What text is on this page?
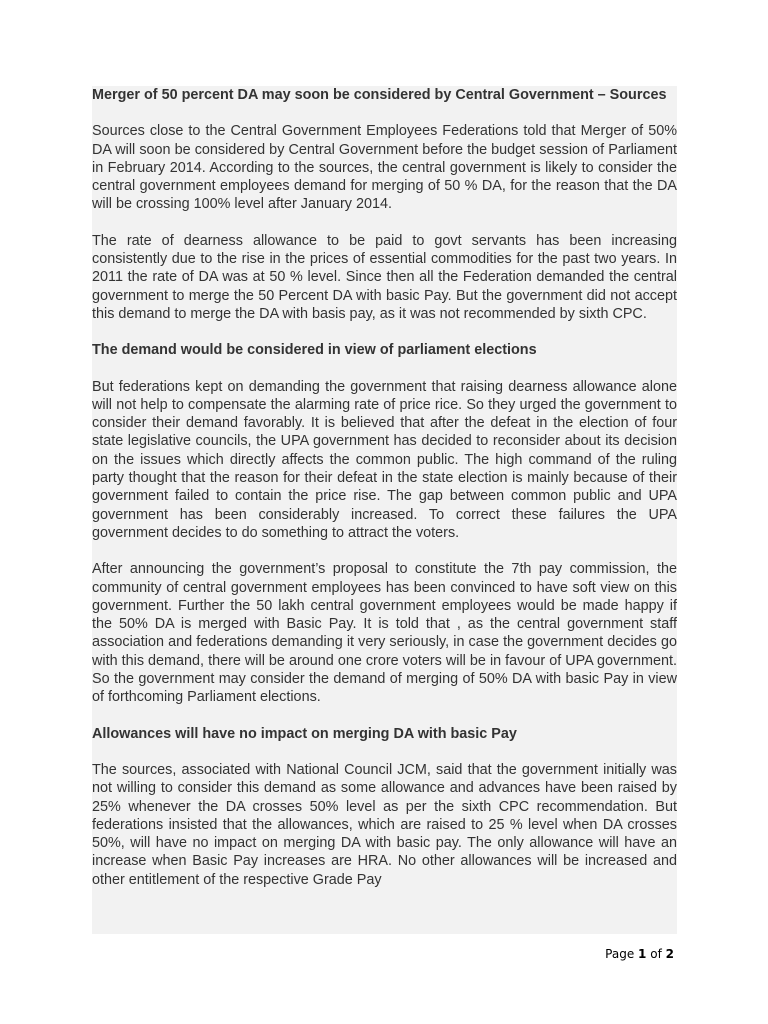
Merger of 50 percent DA may soon be considered by Central Government – Sources

Sources close to the Central Government Employees Federations told that Merger of 50% DA will soon be considered by Central Government before the budget session of Parliament in February 2014. According to the sources, the central government is likely to consider the central government employees demand for merging of 50 % DA, for the reason that the DA will be crossing 100% level after January 2014.

The rate of dearness allowance to be paid to govt servants has been increasing consistently due to the rise in the prices of essential commodities for the past two years. In 2011 the rate of DA was at 50 % level. Since then all the Federation demanded the central government to merge the 50 Percent DA with basic Pay. But the government did not accept this demand to merge the DA with basis pay, as it was not recommended by sixth CPC.

The demand would be considered in view of parliament elections

But federations kept on demanding the government that raising dearness allowance alone will not help to compensate the alarming rate of price rice. So they urged the government to consider their demand favorably. It is believed that after the defeat in the election of four state legislative councils, the UPA government has decided to reconsider about its decision on the issues which directly affects the common public. The high command of the ruling party thought that the reason for their defeat in the state election is mainly because of their government failed to contain the price rise. The gap between common public and UPA government has been considerably increased. To correct these failures the UPA government decides to do something to attract the voters.

After announcing the government’s proposal to constitute the 7th pay commission, the community of central government employees has been convinced to have soft view on this government. Further the 50 lakh central government employees would be made happy if the 50% DA is merged with Basic Pay. It is told that , as the central government staff association and federations demanding it very seriously, in case the government decides go with this demand, there will be around one crore voters will be in favour of UPA government. So the government may consider the demand of merging of 50% DA with basic Pay in view of forthcoming Parliament elections.

Allowances will have no impact on merging DA with basic Pay

The sources, associated with National Council JCM, said that the government initially was not willing to consider this demand as some allowance and advances have been raised by 25% whenever the DA crosses 50% level as per the sixth CPC recommendation. But federations insisted that the allowances, which are raised to 25 % level when DA crosses 50%, will have no impact on merging DA with basic pay. The only allowance will have an increase when Basic Pay increases are HRA. No other allowances will be increased and other entitlement of the respective Grade Pay

Page 1 of 2
